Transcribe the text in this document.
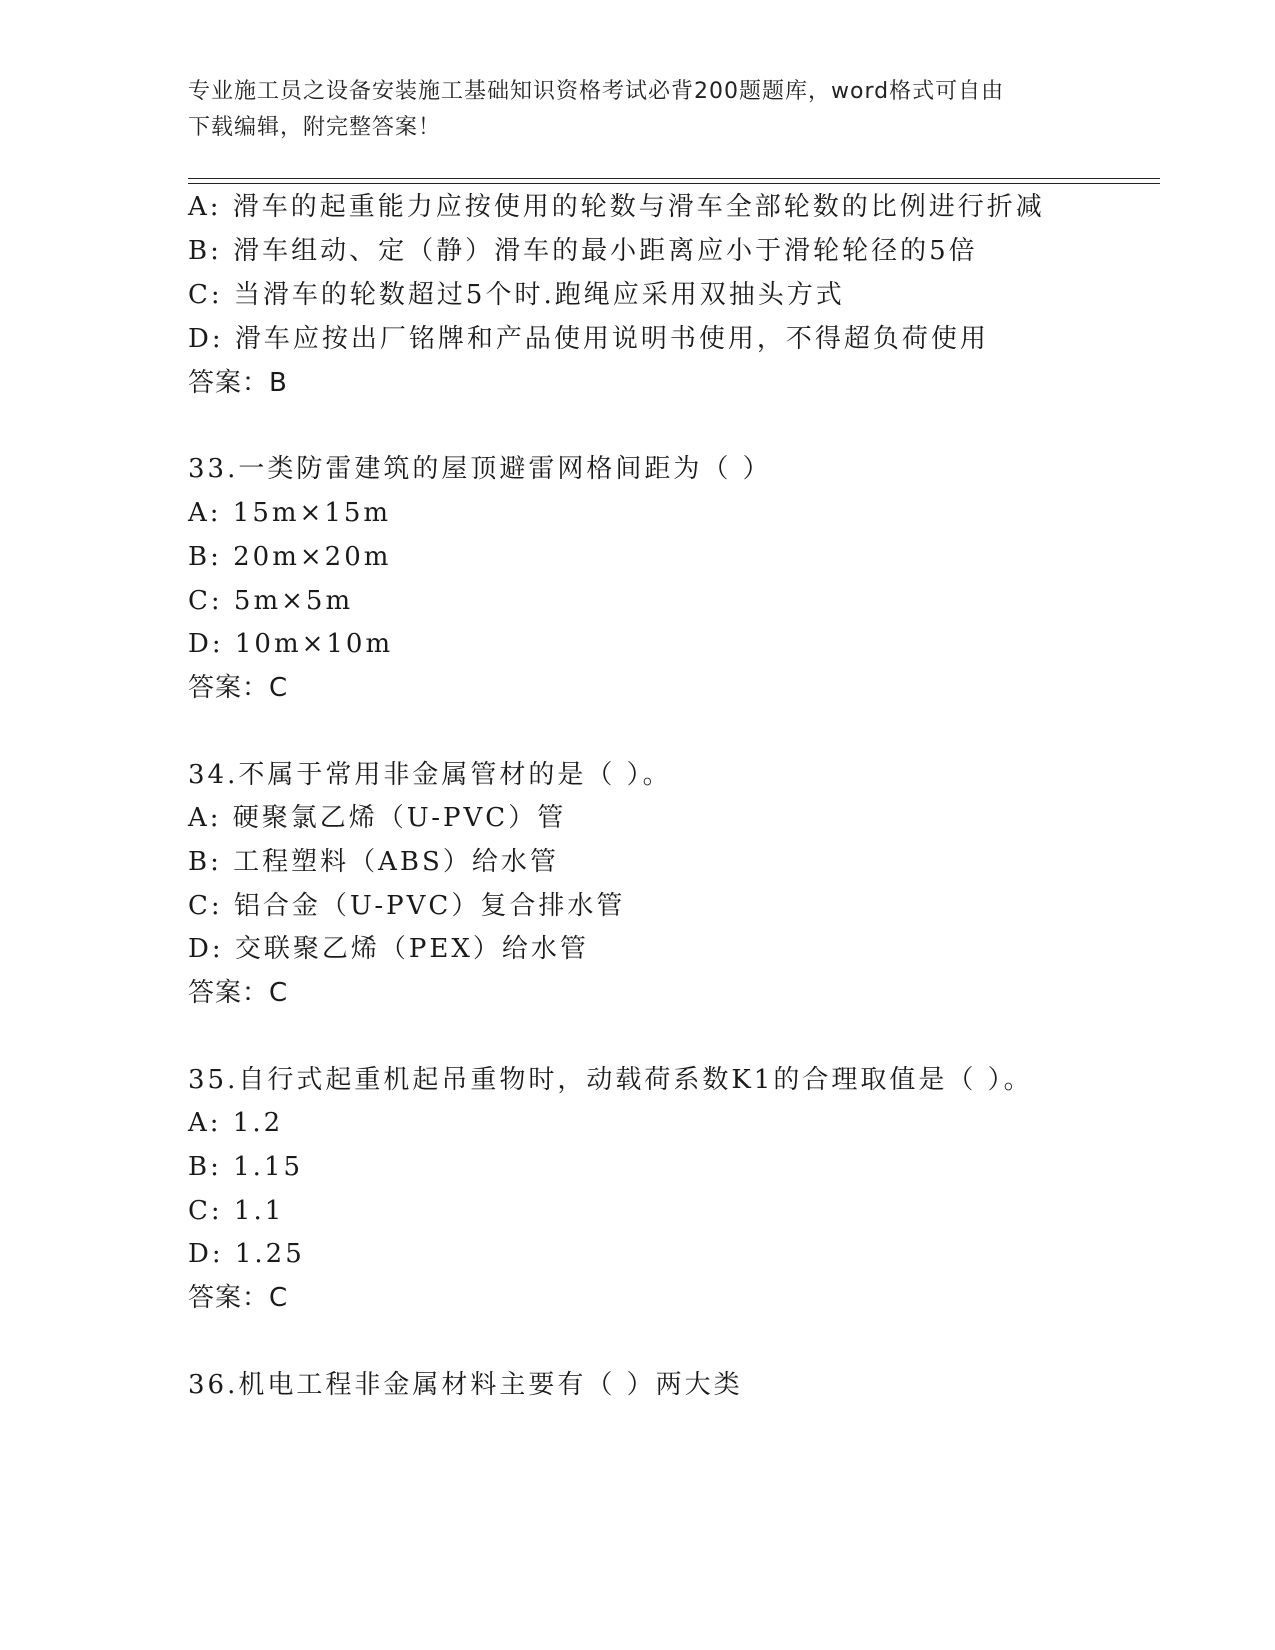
专业施工员之设备安装施工基础知识资格考试必背200题题库，word格式可自由
下载编辑，附完整答案！
A: 滑车的起重能力应按使用的轮数与滑车全部轮数的比例进行折减
B: 滑车组动、定（静）滑车的最小距离应小于滑轮轮径的5倍
C: 当滑车的轮数超过5个时.跑绳应采用双抽头方式
D: 滑车应按出厂铭牌和产品使用说明书使用，不得超负荷使用
答案：B
33.一类防雷建筑的屋顶避雷网格间距为（ ）
A: 15m×15m
B: 20m×20m
C: 5m×5m
D: 10m×10m
答案：C
34.不属于常用非金属管材的是（ ）。
A: 硬聚氯乙烯（U-PVC）管
B: 工程塑料（ABS）给水管
C: 铝合金（U-PVC）复合排水管
D: 交联聚乙烯（PEX）给水管
答案：C
35.自行式起重机起吊重物时，动载荷系数K1的合理取值是（ ）。
A: 1.2
B: 1.15
C: 1.1
D: 1.25
答案：C
36.机电工程非金属材料主要有（ ）两大类
